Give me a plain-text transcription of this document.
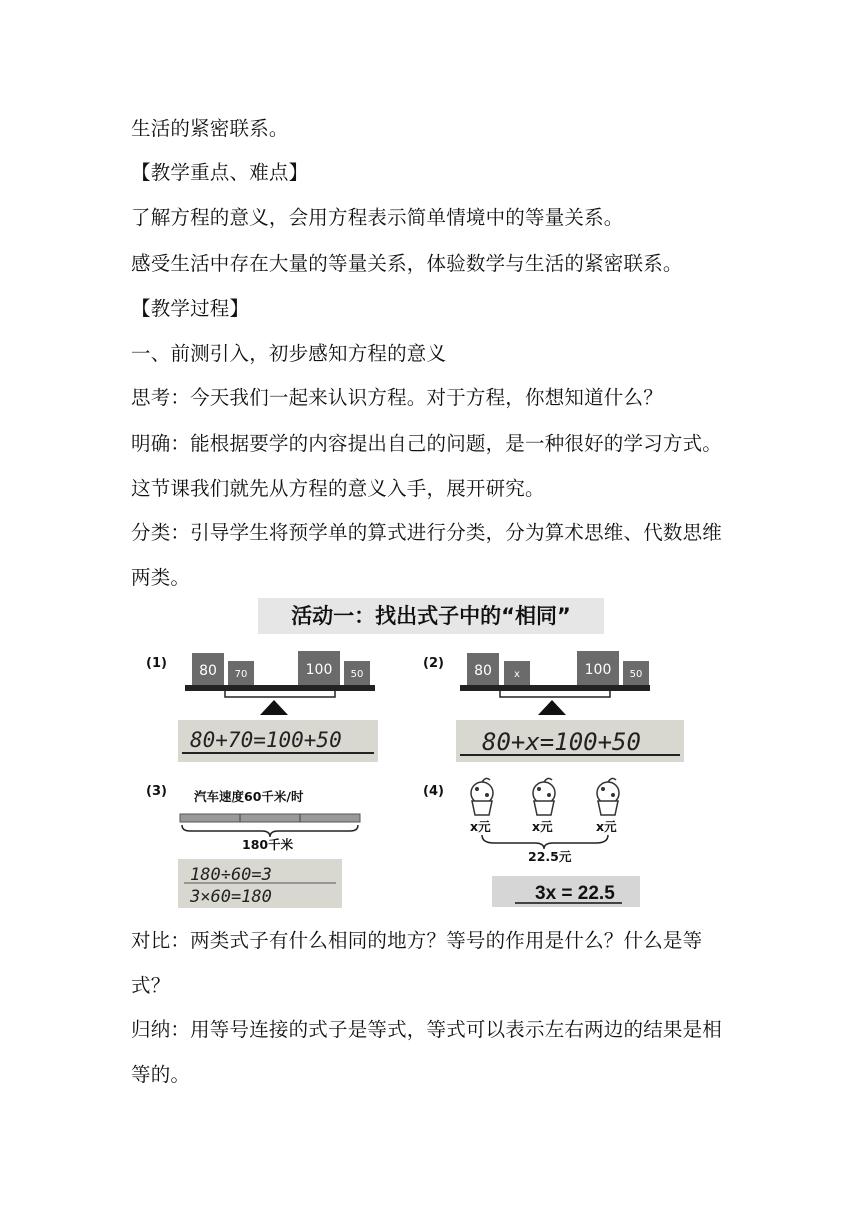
生活的紧密联系。
【教学重点、难点】
了解方程的意义，会用方程表示简单情境中的等量关系。
感受生活中存在大量的等量关系，体验数学与生活的紧密联系。
【教学过程】
一、前测引入，初步感知方程的意义
思考：今天我们一起来认识方程。对于方程，你想知道什么？
明确：能根据要学的内容提出自己的问题，是一种很好的学习方式。
这节课我们就先从方程的意义入手，展开研究。
分类：引导学生将预学单的算式进行分类，分为算术思维、代数思维
两类。
活动一：找出式子中的“相同”
(1) 80 70	100 50
80+70=100+50
(2) 80 x	100 50
80+x=100+50
(3) 汽车速度60千米/时
180千米
180÷60=3
3×60=180
(4)
x元	x元	x元
22.5元
3x = 22.5
对比：两类式子有什么相同的地方？等号的作用是什么？什么是等
式？
归纳：用等号连接的式子是等式，等式可以表示左右两边的结果是相
等的。
